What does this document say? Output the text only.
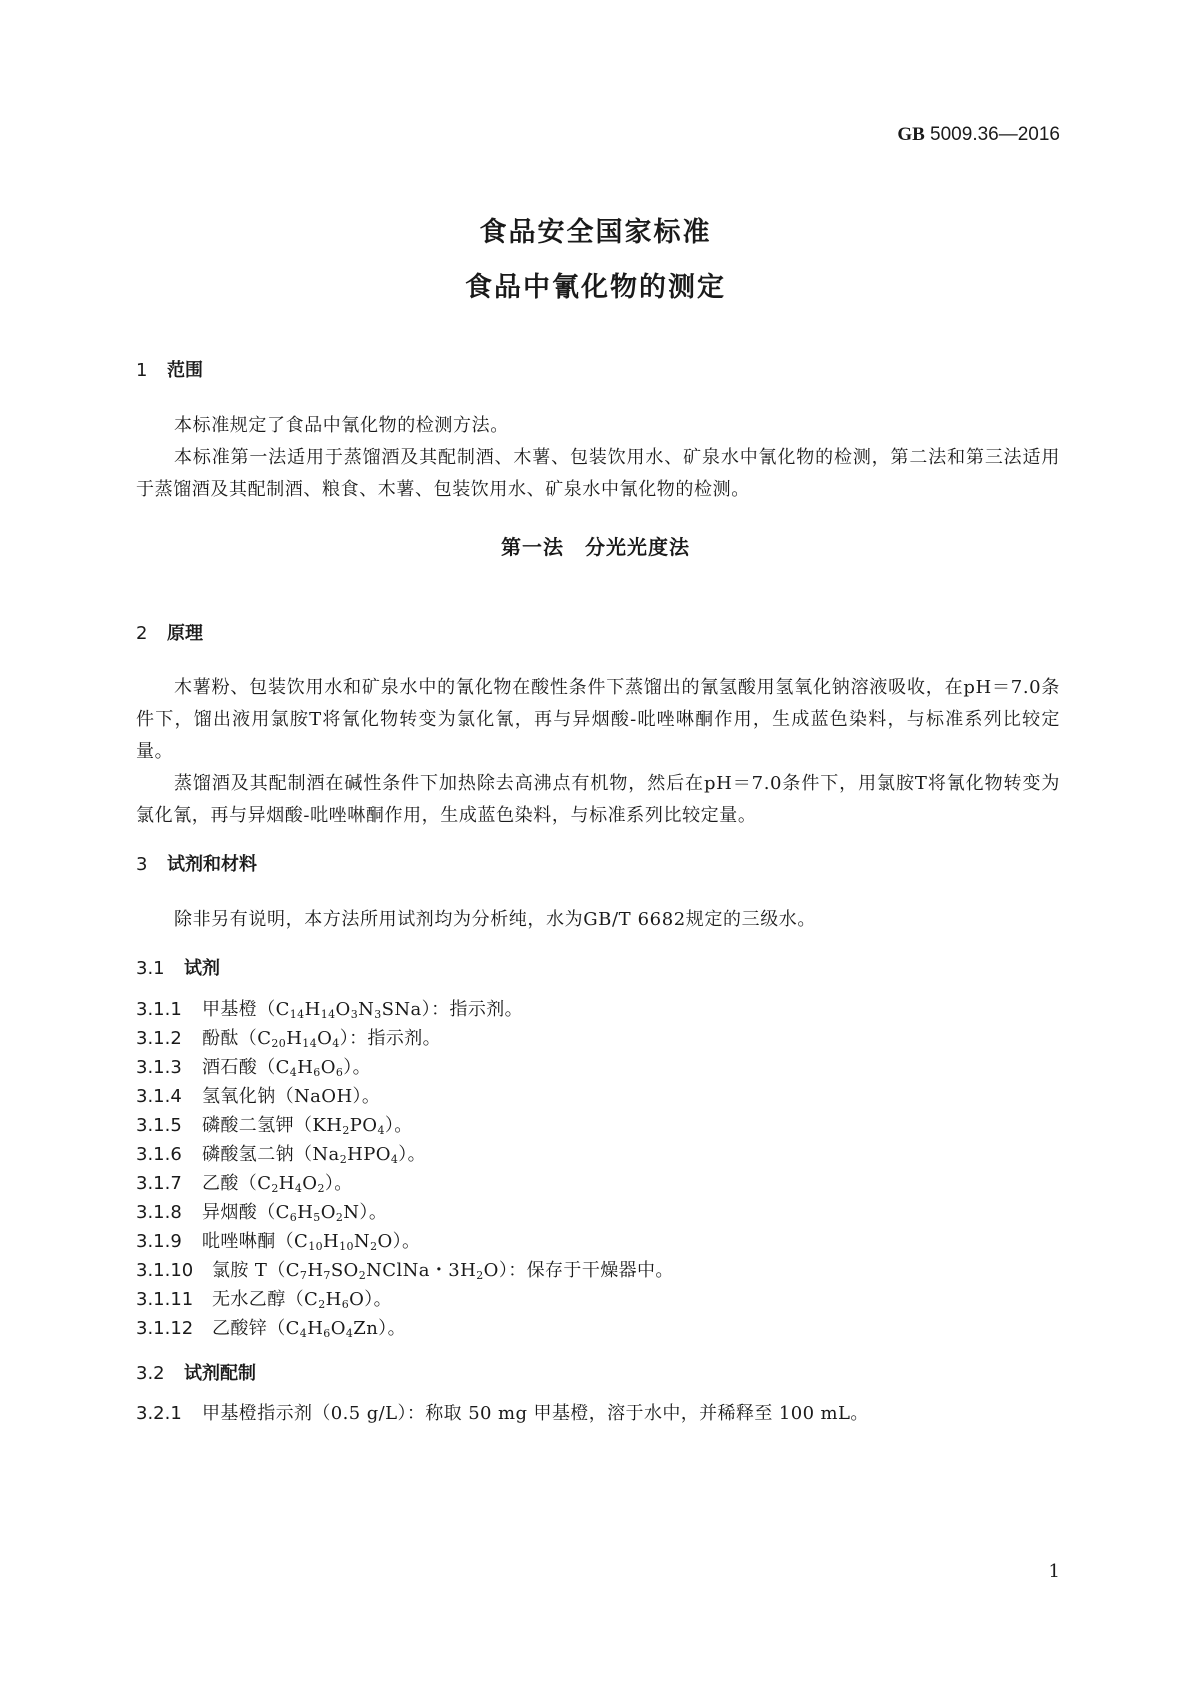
GB 5009.36—2016

食品安全国家标准

食品中氰化物的测定

1 范围

本标准规定了食品中氰化物的检测方法。

本标准第一法适用于蒸馏酒及其配制酒、木薯、包装饮用水、矿泉水中氰化物的检测，第二法和第三法适用于蒸馏酒及其配制酒、粮食、木薯、包装饮用水、矿泉水中氰化物的检测。

第一法　分光光度法

2 原理

木薯粉、包装饮用水和矿泉水中的氰化物在酸性条件下蒸馏出的氰氢酸用氢氧化钠溶液吸收，在pH＝7.0条件下，馏出液用氯胺T将氰化物转变为氯化氰，再与异烟酸-吡唑啉酮作用，生成蓝色染料，与标准系列比较定量。

蒸馏酒及其配制酒在碱性条件下加热除去高沸点有机物，然后在pH＝7.0条件下，用氯胺T将氰化物转变为氯化氰，再与异烟酸-吡唑啉酮作用，生成蓝色染料，与标准系列比较定量。

3 试剂和材料

除非另有说明，本方法所用试剂均为分析纯，水为GB/T 6682规定的三级水。

3.1 试剂

3.1.1 甲基橙$(C_{14}H_{14}O_3N_3SNa)$：指示剂。

3.1.2 酚酞$(C_{20}H_{14}O_4)$：指示剂。

3.1.3 酒石酸$(C_4H_6O_6)$。

3.1.4 氢氧化钠（NaOH）。

3.1.5 磷酸二氢钾$(KH_2PO_4)$。

3.1.6 磷酸氢二钠$(Na_2HPO_4)$。

3.1.7 乙酸$(C_2H_4O_2)$。

3.1.8 异烟酸$(C_6H_5O_2N)$。

3.1.9 吡唑啉酮$(C_{10}H_{10}N_2O)$。

3.1.10 氯胺 $T(C_7H_7SO_2NClNa$・$3H_2O$）：保存于干燥器中。

3.1.11 无水乙醇$(C_2H_6O)$。

3.1.12 乙酸锌$(C_4H_6O_4Zn)$。

3.2 试剂配制

3.2.1 甲基橙指示剂（0.5 g/L）：称取 50 mg 甲基橙，溶于水中，并稀释至 100 mL。

1
